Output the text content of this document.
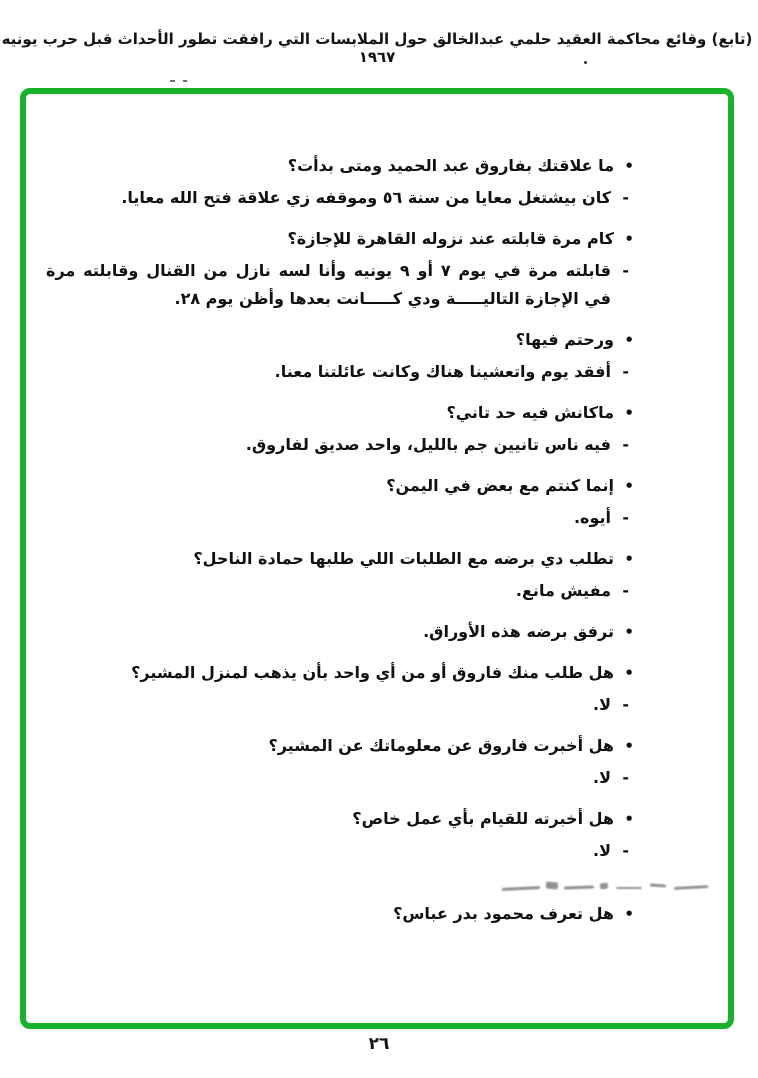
(تابع) وقائع محاكمة العقيد حلمي عبدالخالق حول الملابسات التي رافقت تطور الأحداث قبل حرب يونيه ١٩٦٧
•
ما علاقتك بفاروق عبد الحميد ومتى بدأت؟
-
كان بيشتغل معايا من سنة ٥٦ وموقفه زي علاقة فتح الله معايا.
•
كام مرة قابلته عند نزوله القاهرة للإجازة؟
-
قابلته مرة في يوم ٧ أو ٩ يونيه وأنا لسه نازل من القنال وقابلته مرة في الإجازة التاليـــــة ودي كـــــانت بعدها وأظن يوم ٢٨.
•
ورحتم فيها؟
-
أفقد يوم واتعشينا هناك وكانت عائلتنا معنا.
•
ماكانش فيه حد تاني؟
-
فيه ناس تانيين جم بالليل، واحد صديق لفاروق.
•
إنما كنتم مع بعض في اليمن؟
-
أيوه.
•
تطلب دي برضه مع الطلبات اللي طلبها حمادة الناحل؟
-
مفيش مانع.
•
ترفق برضه هذه الأوراق.
•
هل طلب منك فاروق أو من أي واحد بأن يذهب لمنزل المشير؟
-
لا.
•
هل أخبرت فاروق عن معلوماتك عن المشير؟
-
لا.
•
هل أخبرته للقيام بأي عمل خاص؟
-
لا.
•
هل تعرف محمود بدر عباس؟
٢٦
